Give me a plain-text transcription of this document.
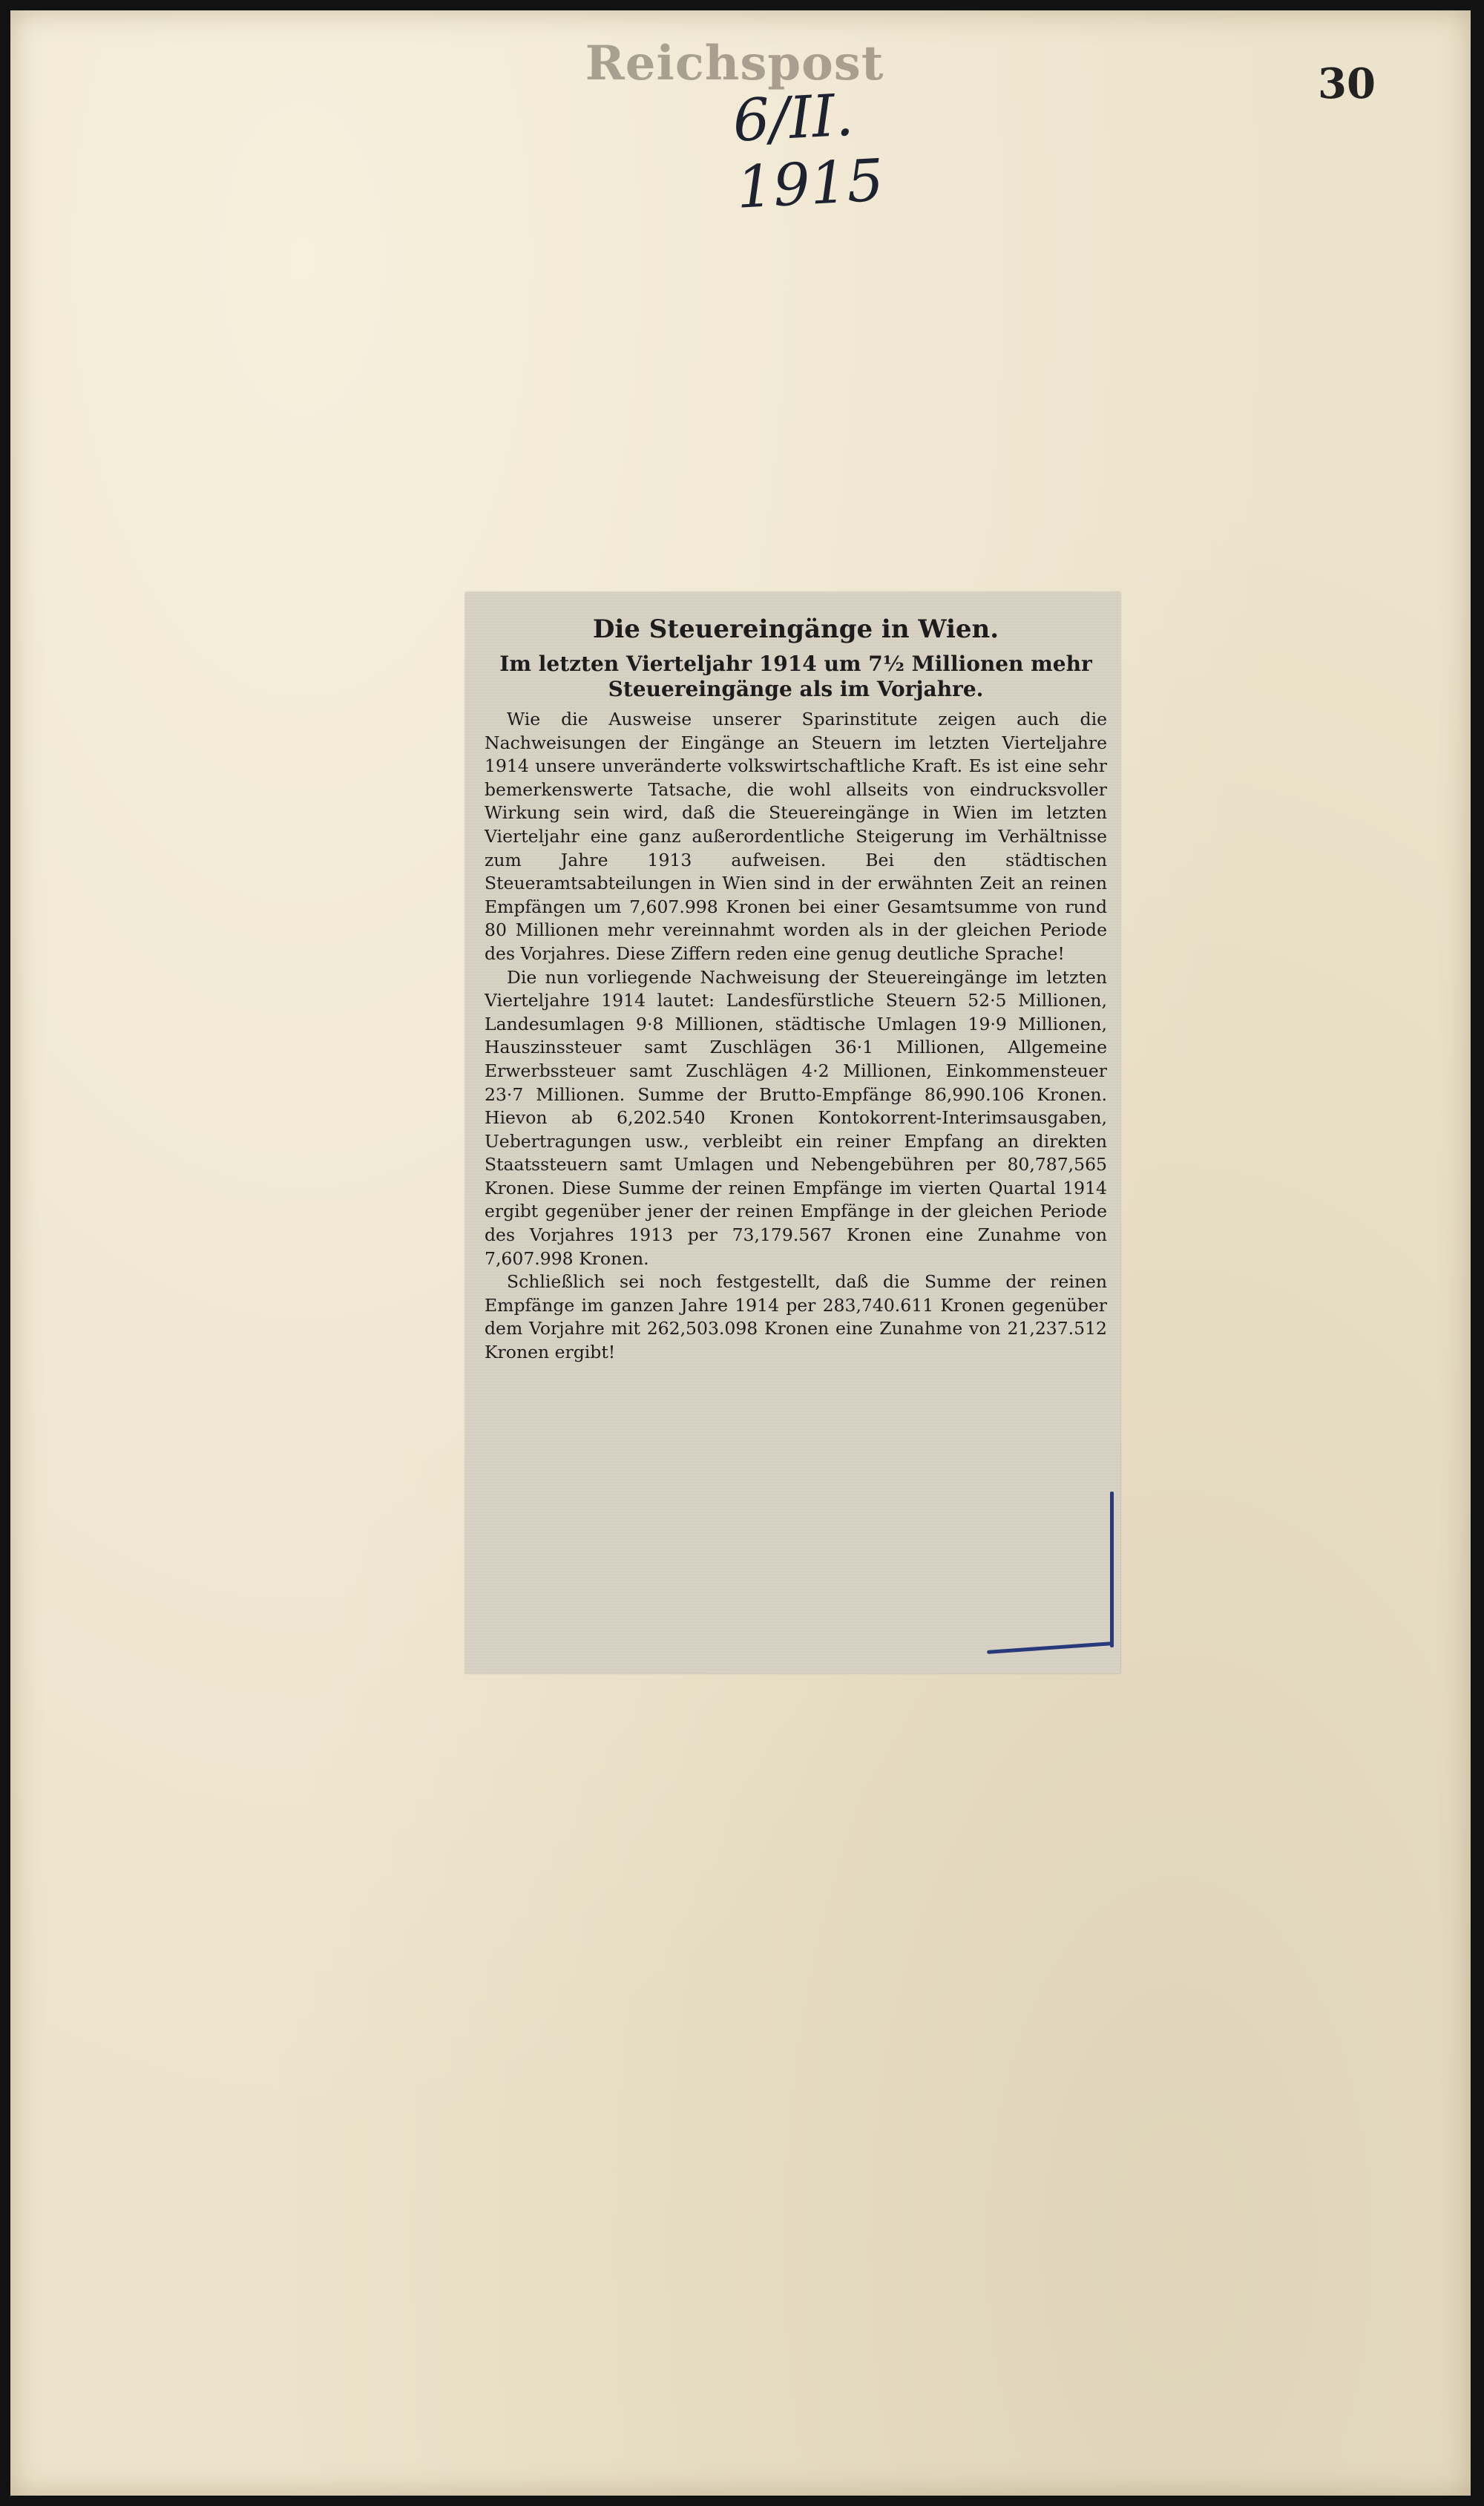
Reichspost
6/II. 1915
30
Die Steuereingänge in Wien.
Im letzten Vierteljahr 1914 um 7½ Millionen mehr Steuereingänge als im Vorjahre.

Wie die Ausweise unserer Sparinstitute zeigen auch die Nachweisungen der Eingänge an Steuern im letzten Vierteljahre 1914 unsere unveränderte volkswirtschaftliche Kraft. Es ist eine sehr bemerkenswerte Tatsache, die wohl allseits von eindrucksvoller Wirkung sein wird, daß die Steuereingänge in Wien im letzten Vierteljahr eine ganz außerordentliche Steigerung im Verhältnisse zum Jahre 1913 aufweisen. Bei den städtischen Steueramtsabteilungen in Wien sind in der erwähnten Zeit an reinen Empfängen um 7,607.998 Kronen bei einer Gesamtsumme von rund 80 Millionen mehr vereinnahmt worden als in der gleichen Periode des Vorjahres. Diese Ziffern reden eine genug deutliche Sprache!

Die nun vorliegende Nachweisung der Steuereingänge im letzten Vierteljahre 1914 lautet: Landesfürstliche Steuern 52·5 Millionen, Landesumlagen 9·8 Millionen, städtische Umlagen 19·9 Millionen, Hauszinssteuer samt Zuschlägen 36·1 Millionen, Allgemeine Erwerbssteuer samt Zuschlägen 4·2 Millionen, Einkommensteuer 23·7 Millionen. Summe der Brutto-Empfänge 86,990.106 Kronen. Hievon ab 6,202.540 Kronen Kontokorrent-Interimsausgaben, Uebertragungen usw., verbleibt ein reiner Empfang an direkten Staatssteuern samt Umlagen und Nebengebühren per 80,787,565 Kronen. Diese Summe der reinen Empfänge im vierten Quartal 1914 ergibt gegenüber jener der reinen Empfänge in der gleichen Periode des Vorjahres 1913 per 73,179.567 Kronen eine Zunahme von 7,607.998 Kronen.

Schließlich sei noch festgestellt, daß die Summe der reinen Empfänge im ganzen Jahre 1914 per 283,740.611 Kronen gegenüber dem Vorjahre mit 262,503.098 Kronen eine Zunahme von 21,237.512 Kronen ergibt!
